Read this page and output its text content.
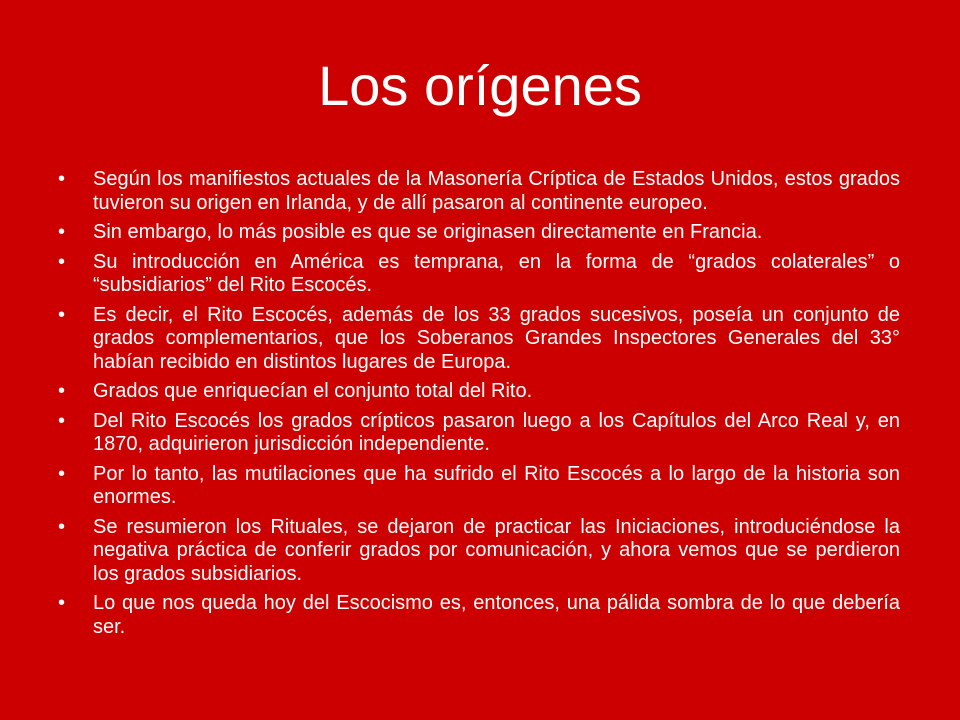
Los orígenes
•	Según los manifiestos actuales de la Masonería Críptica de Estados Unidos, estos grados tuvieron su origen en Irlanda, y de allí pasaron al continente europeo.
•	Sin embargo, lo más posible es que se originasen directamente en Francia.
•	Su introducción en América es temprana, en la forma de “grados colaterales” o “subsidiarios” del Rito Escocés.
•	Es decir, el Rito Escocés, además de los 33 grados sucesivos, poseía un conjunto de grados complementarios, que los Soberanos Grandes Inspectores Generales del 33° habían recibido en distintos lugares de Europa.
•	Grados que enriquecían el conjunto total del Rito.
•	Del Rito Escocés los grados crípticos pasaron luego a los Capítulos del Arco Real y, en 1870, adquirieron jurisdicción independiente.
•	Por lo tanto, las mutilaciones que ha sufrido el Rito Escocés a lo largo de la historia son enormes.
•	Se resumieron los Rituales, se dejaron de practicar las Iniciaciones, introduciéndose la negativa práctica de conferir grados por comunicación, y ahora vemos que se perdieron los grados subsidiarios.
•	Lo que nos queda hoy del Escocismo es, entonces, una pálida sombra de lo que debería ser.
